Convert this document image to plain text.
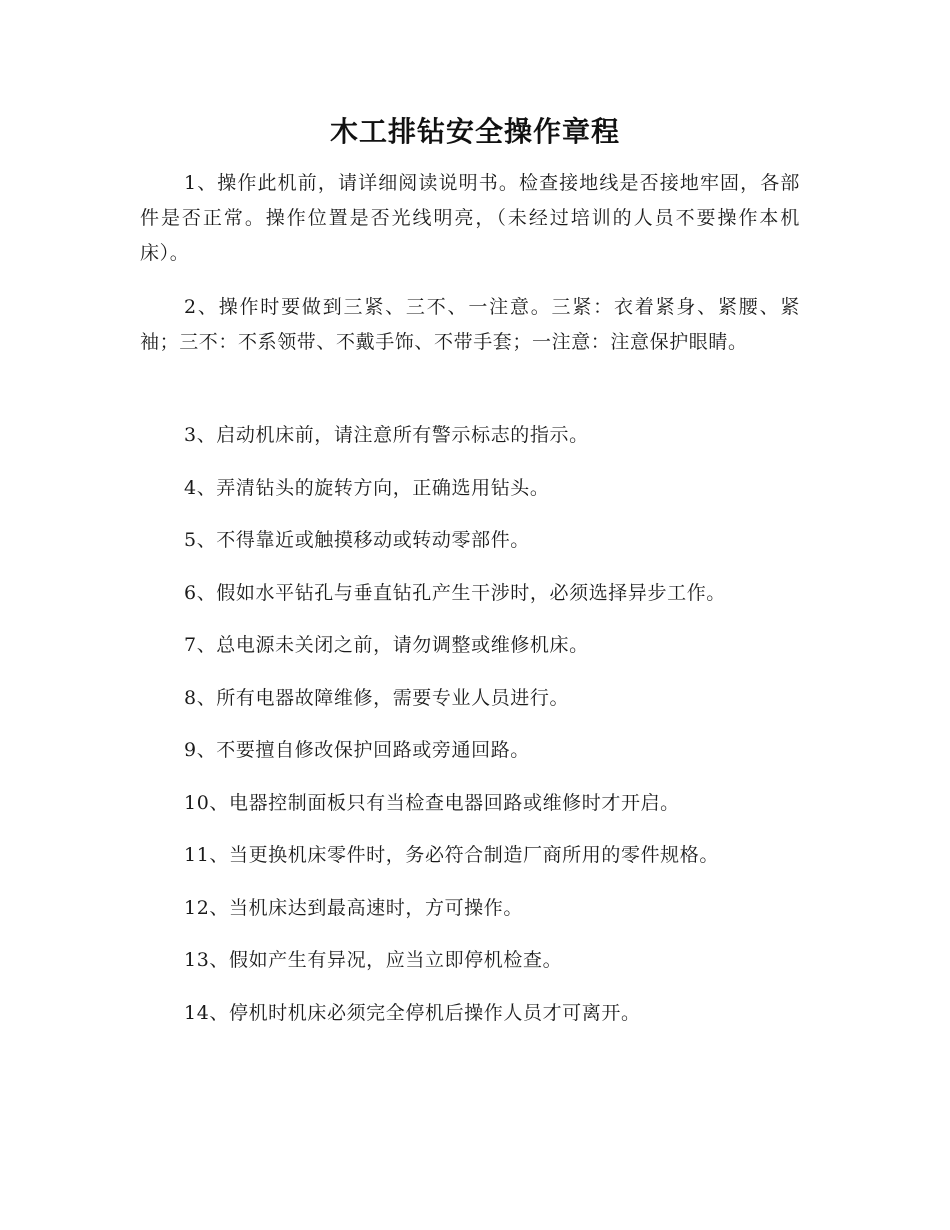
木工排钻安全操作章程

1、操作此机前，请详细阅读说明书。检查接地线是否接地牢固，各部件是否正常。操作位置是否光线明亮，（未经过培训的人员不要操作本机床）。

2、操作时要做到三紧、三不、一注意。三紧：衣着紧身、紧腰、紧袖；三不：不系领带、不戴手饰、不带手套；一注意：注意保护眼睛。

3、启动机床前，请注意所有警示标志的指示。

4、弄清钻头的旋转方向，正确选用钻头。

5、不得靠近或触摸移动或转动零部件。

6、假如水平钻孔与垂直钻孔产生干涉时，必须选择异步工作。

7、总电源未关闭之前，请勿调整或维修机床。

8、所有电器故障维修，需要专业人员进行。

9、不要擅自修改保护回路或旁通回路。

10、电器控制面板只有当检查电器回路或维修时才开启。

11、当更换机床零件时，务必符合制造厂商所用的零件规格。

12、当机床达到最高速时，方可操作。

13、假如产生有异况，应当立即停机检查。

14、停机时机床必须完全停机后操作人员才可离开。
